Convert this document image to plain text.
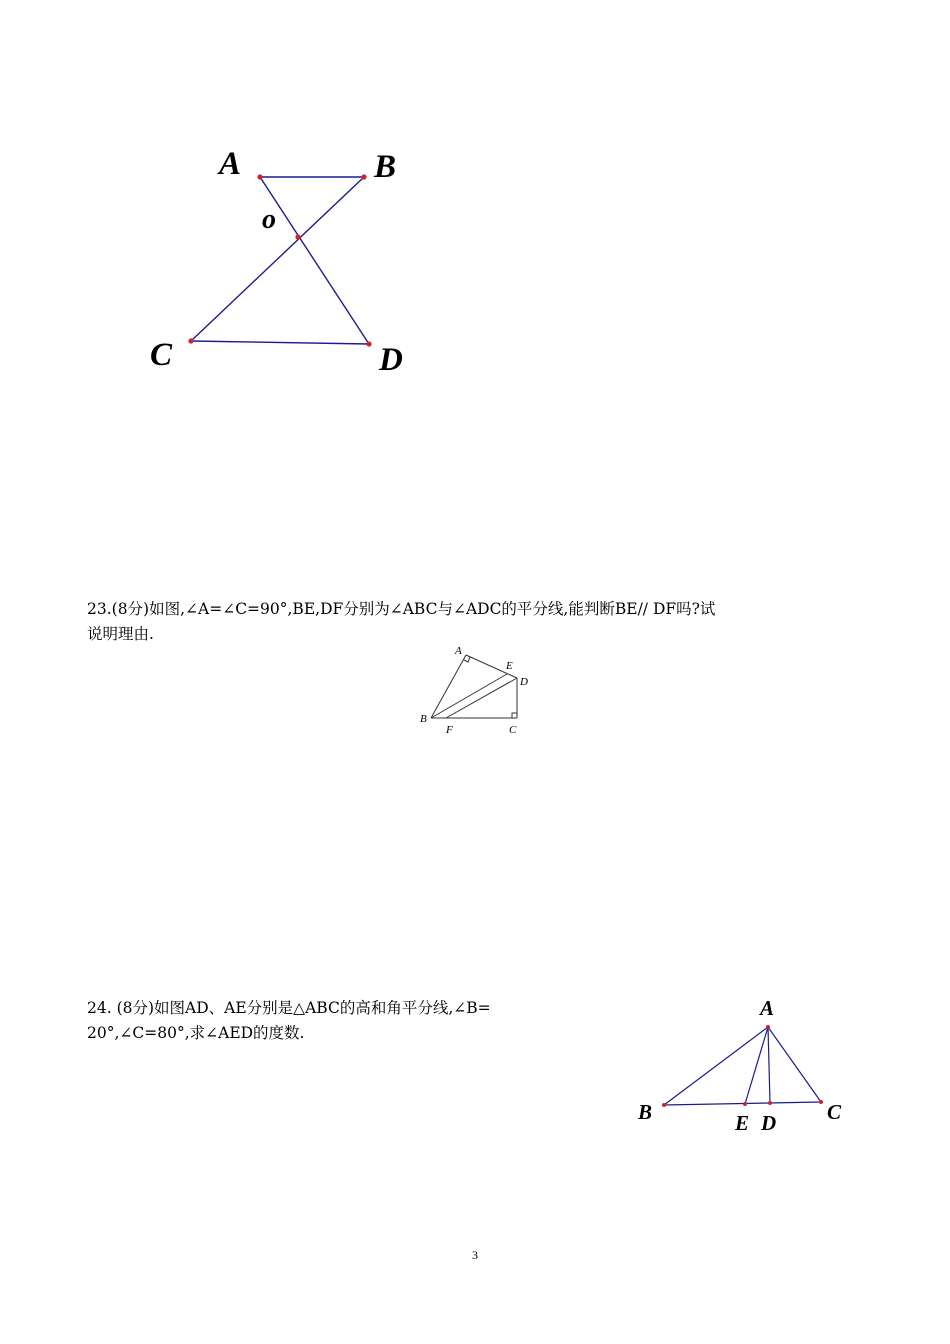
A	B
o
C	D

23.(8分)如图,∠A=∠C=90°,BE,DF分别为∠ABC与∠ADC的平分线,能判断BE// DF吗?试

说明理由.

A
E
D
B
F	C

24. (8分)如图AD、AE分别是△ABC的高和角平分线,∠B=

20°,∠C=80°,求∠AED的度数.

A
B	E D C
3
